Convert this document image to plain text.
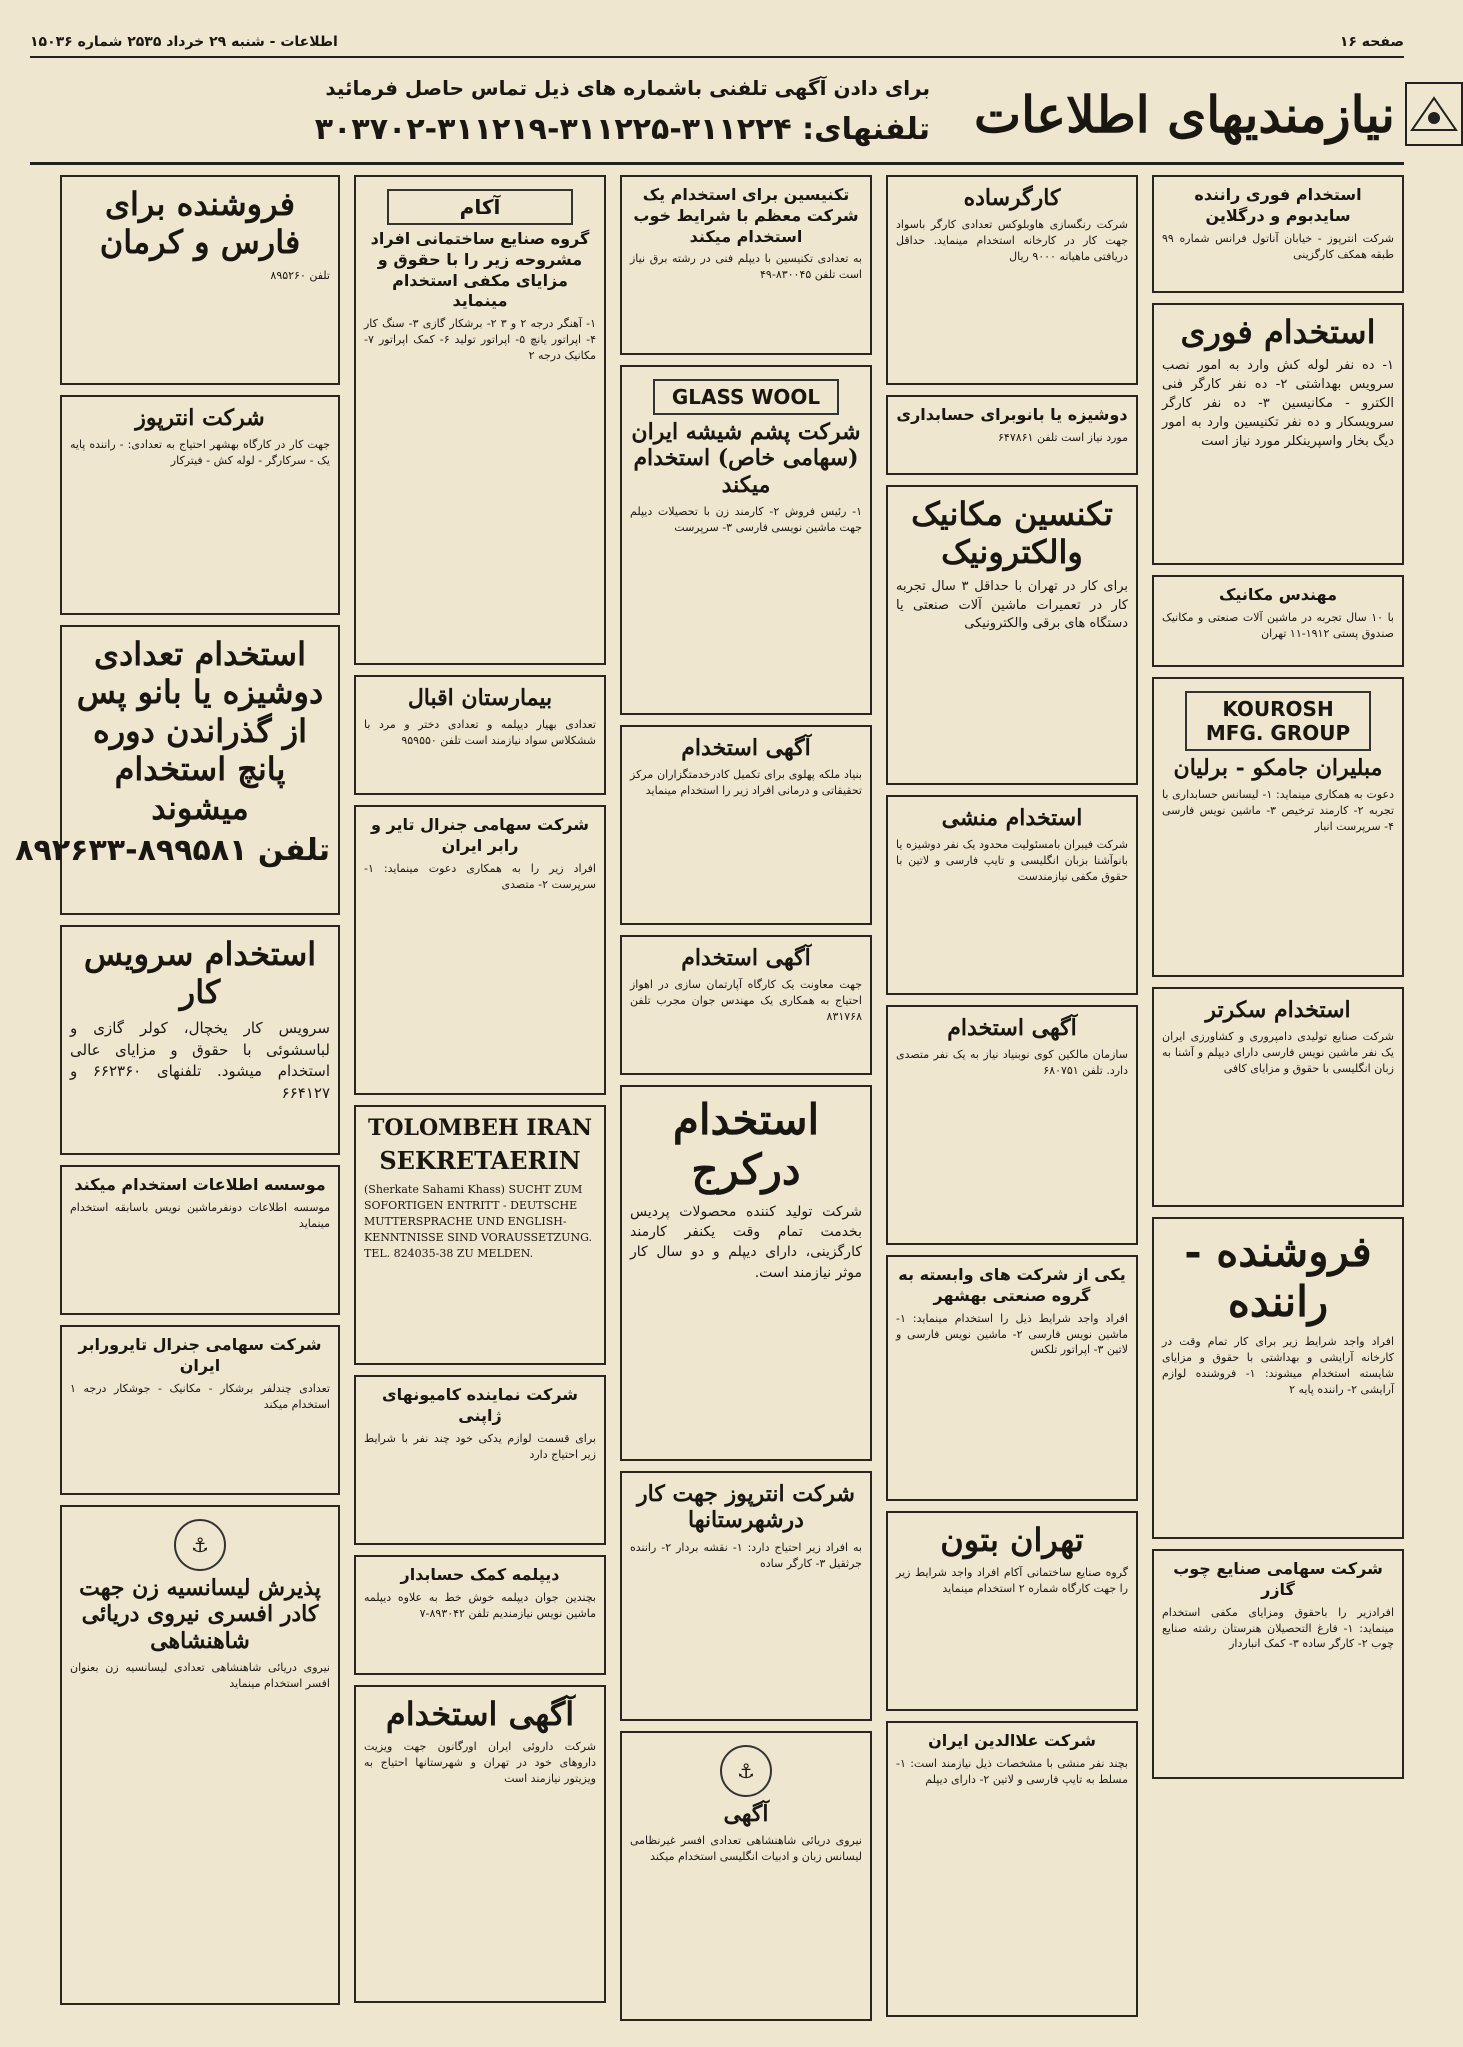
صفحه ۱۶
اطلاعات - شنبه ۲۹ خرداد ۲۵۳۵ شماره ۱۵۰۳۶
نیازمندیهای اطلاعات
برای دادن آگهی تلفنی باشماره های ذیل تماس حاصل فرمائید
تلفنهای: ۳۱۱۲۲۴-۳۱۱۲۲۵-۳۱۱۲۱۹-۳۰۳۷۰۲
استخدام فوری راننده سایدبوم و درگلاین

شرکت انترپوز - خیابان آناتول فرانس شماره ۹۹ طبقه همکف کارگزینی

استخدام فوری

۱- ده نفر لوله کش وارد به امور نصب سرویس بهداشتی ۲- ده نفر کارگر فنی الکترو - مکانیسین ۳- ده نفر کارگر سرویسکار و ده نفر تکنیسین وارد به امور دیگ بخار واسپرینکلر مورد نیاز است

مهندس مکانیک

با ۱۰ سال تجربه در ماشین آلات صنعتی و مکانیک صندوق پستی ۱۹۱۲-۱۱ تهران

KOUROSH MFG. GROUP
مبلیران جامکو - برلیان

دعوت به همکاری مینماید: ۱- لیسانس حسابداری با تجربه ۲- کارمند ترخیص ۳- ماشین نویس فارسی ۴- سرپرست انبار

استخدام سکرتر

شرکت صنایع تولیدی دامپروری و کشاورزی ایران یک نفر ماشین نویس فارسی دارای دیپلم و آشنا به زبان انگلیسی با حقوق و مزایای کافی

فروشنده - راننده

افراد واجد شرایط زیر برای کار تمام وقت در کارخانه آرایشی و بهداشتی با حقوق و مزایای شایسته استخدام میشوند: ۱- فروشنده لوازم آرایشی ۲- راننده پایه ۲

شرکت سهامی صنایع چوب گازر

افرادزیر را باحقوق ومزایای مکفی استخدام مینماید: ۱- فارغ التحصیلان هنرستان رشته صنایع چوب ۲- کارگر ساده ۳- کمک انباردار

کارگرساده

شرکت رنگسازی هاوبلوکس تعدادی کارگر باسواد جهت کار در کارخانه استخدام مینماید. حداقل دریافتی ماهیانه ۹۰۰۰ ریال

دوشیزه یا بانوبرای حسابداری

مورد نیاز است تلفن ۶۴۷۸۶۱

تکنسین مکانیک والکترونیک

برای کار در تهران با حداقل ۳ سال تجربه کار در تعمیرات ماشین آلات صنعتی یا دستگاه های برقی والکترونیکی

استخدام منشی

شرکت فیبران بامسئولیت محدود یک نفر دوشیزه یا بانوآشنا بزبان انگلیسی و تایپ فارسی و لاتین با حقوق مکفی نیازمندست

آگهی استخدام

سازمان مالکین کوی نوبنیاد نیاز به یک نفر متصدی دارد. تلفن ۶۸۰۷۵۱

یکی از شرکت های وابسته به گروه صنعتی بهشهر

افراد واجد شرایط ذیل را استخدام مینماید: ۱- ماشین نویس فارسی ۲- ماشین نویس فارسی و لاتین ۳- اپراتور تلکس

تهران بتون

گروه صنایع ساختمانی آکام افراد واجد شرایط زیر را جهت کارگاه شماره ۲ استخدام مینماید

شرکت علاالدین ایران

بچند نفر منشی با مشخصات ذیل نیازمند است: ۱- مسلط به تایپ فارسی و لاتین ۲- دارای دیپلم

تکنیسین برای استخدام یک شرکت معظم با شرایط خوب استخدام میکند

به تعدادی تکنیسین با دیپلم فنی در رشته برق نیاز است تلفن ۸۳۰۰۴۵-۴۹

GLASS WOOL
شرکت پشم شیشه ایران (سهامی خاص) استخدام میکند

۱- رئیس فروش ۲- کارمند زن با تحصیلات دیپلم جهت ماشین نویسی فارسی ۳- سرپرست

آگهی استخدام

بنیاد ملکه پهلوی برای تکمیل کادرخدمتگزاران مرکز تحقیقاتی و درمانی افراد زیر را استخدام مینماید

آگهی استخدام

جهت معاونت یک کارگاه آپارتمان سازی در اهواز احتیاج به همکاری یک مهندس جوان مجرب تلفن ۸۳۱۷۶۸

استخدام درکرج

شرکت تولید کننده محصولات پردیس بخدمت تمام وقت یکنفر کارمند کارگزینی، دارای دیپلم و دو سال کار موثر نیازمند است.

شرکت انترپوز جهت کار درشهرستانها

به افراد زیر احتیاج دارد: ۱- نقشه بردار ۲- راننده جرثقیل ۳- کارگر ساده

⚓
آگهی

نیروی دریائی شاهنشاهی تعدادی افسر غیرنظامی لیسانس زبان و ادبیات انگلیسی استخدام میکند

آکام
گروه صنایع ساختمانی افراد مشروحه زیر را با حقوق و مزایای مکفی استخدام مینماید

۱- آهنگر درجه ۲ و ۳ ۲- برشکار گازی ۳- سنگ کار ۴- اپراتور یانچ ۵- اپراتور تولید ۶- کمک اپراتور ۷- مکانیک درجه ۲

بیمارستان اقبال

تعدادی بهیار دیپلمه و تعدادی دختر و مرد با ششکلاس سواد نیازمند است تلفن ۹۵۹۵۵۰

شرکت سهامی جنرال تایر و رابر ایران

افراد زیر را به همکاری دعوت مینماید: ۱- سرپرست ۲- متصدی

TOLOMBEH IRAN
SEKRETAERIN

(Sherkate Sahami Khass) SUCHT ZUM SOFORTIGEN ENTRITT - DEUTSCHE MUTTERSPRACHE UND ENGLISH-KENNTNISSE SIND VORAUSSETZUNG. TEL. 824035-38 ZU MELDEN.

شرکت نماینده کامیونهای ژاپنی

برای قسمت لوازم یدکی خود چند نفر با شرایط زیر احتیاج دارد

دیپلمه کمک حسابدار

بچندین جوان دیپلمه خوش خط به علاوه دیپلمه ماشین نویس نیازمندیم تلفن ۸۹۳۰۴۲-۷

آگهی استخدام

شرکت داروئی ایران اورگانون جهت ویزیت داروهای خود در تهران و شهرستانها احتیاج به ویزیتور نیازمند است

فروشنده برای فارس و کرمان

تلفن ۸۹۵۲۶۰

شرکت انترپوز

جهت کار در کارگاه بهشهر احتیاج به تعدادی: - راننده پایه یک - سرکارگر - لوله کش - فیترکار

استخدام تعدادی دوشیزه یا بانو پس از گذراندن دوره پانچ استخدام میشوند
تلفن ۸۹۹۵۸۱-۸۹۲۶۳۳
استخدام سرویس کار

سرویس کار یخچال، کولر گازی و لباسشوئی با حقوق و مزایای عالی استخدام میشود. تلفنهای ۶۶۲۳۶۰ و ۶۶۴۱۲۷

موسسه اطلاعات استخدام میکند

موسسه اطلاعات دونفرماشین نویس باسابقه استخدام مینماید

شرکت سهامی جنرال تایرورابر ایران

تعدادی چندلفر برشکار - مکانیک - جوشکار درجه ۱ استخدام میکند

⚓
پذیرش لیسانسیه زن جهت کادر افسری نیروی دریائی شاهنشاهی

نیروی دریائی شاهنشاهی تعدادی لیسانسیه زن بعنوان افسر استخدام مینماید
